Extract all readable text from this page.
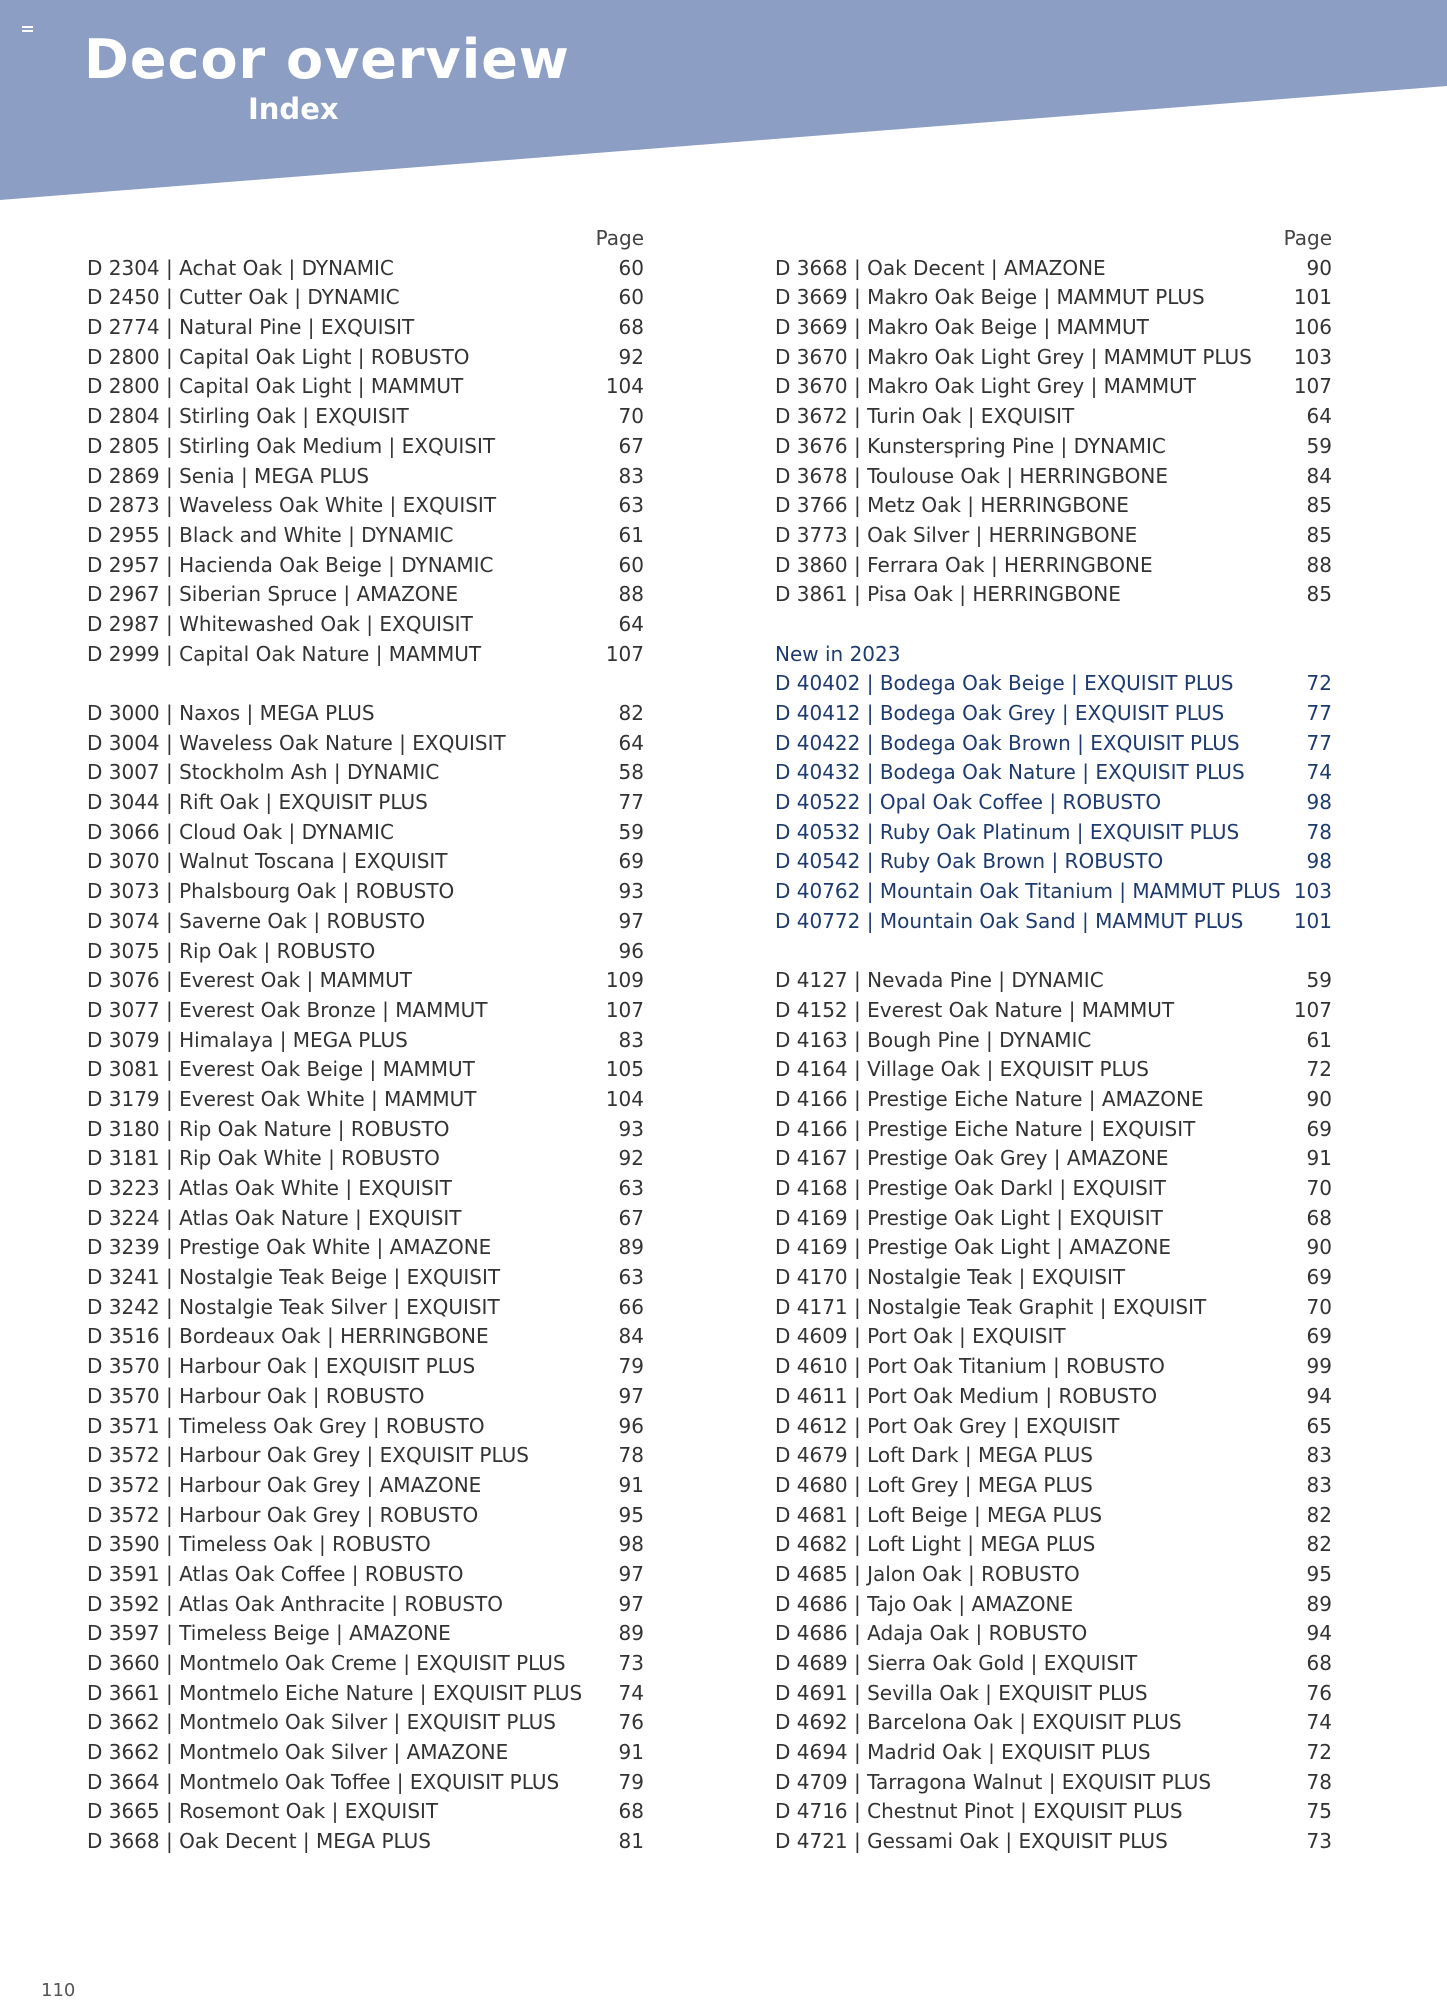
Decor overview
Index
Page
D 2304 | Achat Oak | DYNAMIC	60
D 2450 | Cutter Oak | DYNAMIC	60
D 2774 | Natural Pine | EXQUISIT	68
D 2800 | Capital Oak Light | ROBUSTO	92
D 2800 | Capital Oak Light | MAMMUT	104
D 2804 | Stirling Oak | EXQUISIT	70
D 2805 | Stirling Oak Medium | EXQUISIT	67
D 2869 | Senia | MEGA PLUS	83
D 2873 | Waveless Oak White | EXQUISIT	63
D 2955 | Black and White | DYNAMIC	61
D 2957 | Hacienda Oak Beige | DYNAMIC	60
D 2967 | Siberian Spruce | AMAZONE	88
D 2987 | Whitewashed Oak | EXQUISIT	64
D 2999 | Capital Oak Nature | MAMMUT	107
D 3000 | Naxos | MEGA PLUS	82
D 3004 | Waveless Oak Nature | EXQUISIT	64
D 3007 | Stockholm Ash | DYNAMIC	58
D 3044 | Rift Oak | EXQUISIT PLUS	77
D 3066 | Cloud Oak | DYNAMIC	59
D 3070 | Walnut Toscana | EXQUISIT	69
D 3073 | Phalsbourg Oak | ROBUSTO	93
D 3074 | Saverne Oak | ROBUSTO	97
D 3075 | Rip Oak | ROBUSTO	96
D 3076 | Everest Oak | MAMMUT	109
D 3077 | Everest Oak Bronze | MAMMUT	107
D 3079 | Himalaya | MEGA PLUS	83
D 3081 | Everest Oak Beige | MAMMUT	105
D 3179 | Everest Oak White | MAMMUT	104
D 3180 | Rip Oak Nature | ROBUSTO	93
D 3181 | Rip Oak White | ROBUSTO	92
D 3223 | Atlas Oak White | EXQUISIT	63
D 3224 | Atlas Oak Nature | EXQUISIT	67
D 3239 | Prestige Oak White | AMAZONE	89
D 3241 | Nostalgie Teak Beige | EXQUISIT	63
D 3242 | Nostalgie Teak Silver | EXQUISIT	66
D 3516 | Bordeaux Oak | HERRINGBONE	84
D 3570 | Harbour Oak | EXQUISIT PLUS	79
D 3570 | Harbour Oak | ROBUSTO	97
D 3571 | Timeless Oak Grey | ROBUSTO	96
D 3572 | Harbour Oak Grey | EXQUISIT PLUS	78
D 3572 | Harbour Oak Grey | AMAZONE	91
D 3572 | Harbour Oak Grey | ROBUSTO	95
D 3590 | Timeless Oak | ROBUSTO	98
D 3591 | Atlas Oak Coffee | ROBUSTO	97
D 3592 | Atlas Oak Anthracite | ROBUSTO	97
D 3597 | Timeless Beige | AMAZONE	89
D 3660 | Montmelo Oak Creme | EXQUISIT PLUS	73
D 3661 | Montmelo Eiche Nature | EXQUISIT PLUS	74
D 3662 | Montmelo Oak Silver | EXQUISIT PLUS	76
D 3662 | Montmelo Oak Silver | AMAZONE	91
D 3664 | Montmelo Oak Toffee | EXQUISIT PLUS	79
D 3665 | Rosemont Oak | EXQUISIT	68
D 3668 | Oak Decent | MEGA PLUS	81
Page
D 3668 | Oak Decent | AMAZONE	90
D 3669 | Makro Oak Beige | MAMMUT PLUS	101
D 3669 | Makro Oak Beige | MAMMUT	106
D 3670 | Makro Oak Light Grey | MAMMUT PLUS	103
D 3670 | Makro Oak Light Grey | MAMMUT	107
D 3672 | Turin Oak | EXQUISIT	64
D 3676 | Kunsterspring Pine | DYNAMIC	59
D 3678 | Toulouse Oak | HERRINGBONE	84
D 3766 | Metz Oak | HERRINGBONE	85
D 3773 | Oak Silver | HERRINGBONE	85
D 3860 | Ferrara Oak | HERRINGBONE	88
D 3861 | Pisa Oak | HERRINGBONE	85
New in 2023
D 40402 | Bodega Oak Beige | EXQUISIT PLUS	72
D 40412 | Bodega Oak Grey | EXQUISIT PLUS	77
D 40422 | Bodega Oak Brown | EXQUISIT PLUS	77
D 40432 | Bodega Oak Nature | EXQUISIT PLUS	74
D 40522 | Opal Oak Coffee | ROBUSTO	98
D 40532 | Ruby Oak Platinum | EXQUISIT PLUS	78
D 40542 | Ruby Oak Brown | ROBUSTO	98
D 40762 | Mountain Oak Titanium | MAMMUT PLUS 103
D 40772 | Mountain Oak Sand | MAMMUT PLUS	101
D 4127 | Nevada Pine | DYNAMIC	59
D 4152 | Everest Oak Nature | MAMMUT	107
D 4163 | Bough Pine | DYNAMIC	61
D 4164 | Village Oak | EXQUISIT PLUS	72
D 4166 | Prestige Eiche Nature | AMAZONE	90
D 4166 | Prestige Eiche Nature | EXQUISIT	69
D 4167 | Prestige Oak Grey | AMAZONE	91
D 4168 | Prestige Oak Darkl | EXQUISIT	70
D 4169 | Prestige Oak Light | EXQUISIT	68
D 4169 | Prestige Oak Light | AMAZONE	90
D 4170 | Nostalgie Teak | EXQUISIT	69
D 4171 | Nostalgie Teak Graphit | EXQUISIT	70
D 4609 | Port Oak | EXQUISIT	69
D 4610 | Port Oak Titanium | ROBUSTO	99
D 4611 | Port Oak Medium | ROBUSTO	94
D 4612 | Port Oak Grey | EXQUISIT	65
D 4679 | Loft Dark | MEGA PLUS	83
D 4680 | Loft Grey | MEGA PLUS	83
D 4681 | Loft Beige | MEGA PLUS	82
D 4682 | Loft Light | MEGA PLUS	82
D 4685 | Jalon Oak | ROBUSTO	95
D 4686 | Tajo Oak | AMAZONE	89
D 4686 | Adaja Oak | ROBUSTO	94
D 4689 | Sierra Oak Gold | EXQUISIT	68
D 4691 | Sevilla Oak | EXQUISIT PLUS	76
D 4692 | Barcelona Oak | EXQUISIT PLUS	74
D 4694 | Madrid Oak | EXQUISIT PLUS	72
D 4709 | Tarragona Walnut | EXQUISIT PLUS	78
D 4716 | Chestnut Pinot | EXQUISIT PLUS	75
D 4721 | Gessami Oak | EXQUISIT PLUS	73
110
